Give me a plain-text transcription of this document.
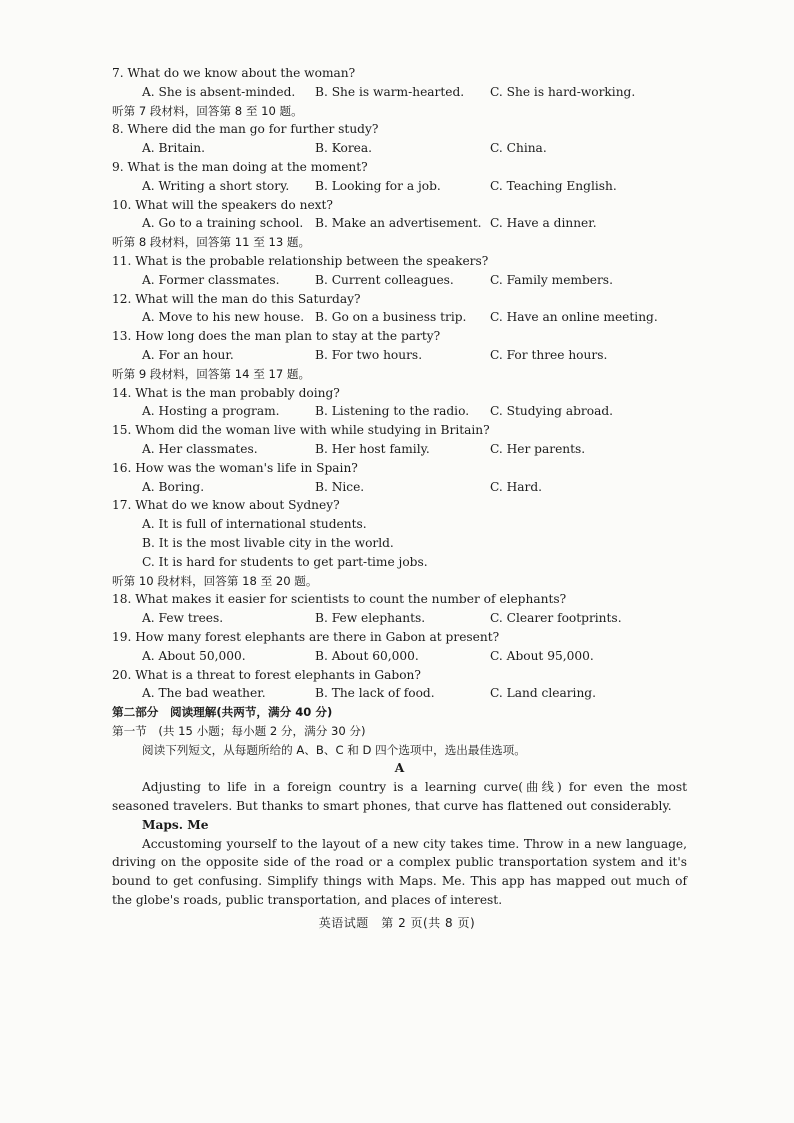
7. What do we know about the woman?
A. She is absent-minded. B. She is warm-hearted. C. She is hard-working.
听第 7 段材料，回答第 8 至 10 题。
8. Where did the man go for further study?
A. Britain.	B. Korea.	C. China.
9. What is the man doing at the moment?
A. Writing a short story. B. Looking for a job.	C. Teaching English.
10. What will the speakers do next?
A. Go to a training school. B. Make an advertisement. C. Have a dinner.
听第 8 段材料，回答第 11 至 13 题。
11. What is the probable relationship between the speakers?
A. Former classmates.	B. Current colleagues.	C. Family members.
12. What will the man do this Saturday?
A. Move to his new house. B. Go on a business trip. C. Have an online meeting.
13. How long does the man plan to stay at the party?
A. For an hour.	B. For two hours.	C. For three hours.
听第 9 段材料，回答第 14 至 17 题。
14. What is the man probably doing?
A. Hosting a program.	B. Listening to the radio. C. Studying abroad.
15. Whom did the woman live with while studying in Britain?
A. Her classmates.	B. Her host family.	C. Her parents.
16. How was the woman's life in Spain?
A. Boring.	B. Nice.	C. Hard.
17. What do we know about Sydney?
A. It is full of international students.
B. It is the most livable city in the world.
C. It is hard for students to get part-time jobs.
听第 10 段材料，回答第 18 至 20 题。
18. What makes it easier for scientists to count the number of elephants?
A. Few trees.	B. Few elephants.	C. Clearer footprints.
19. How many forest elephants are there in Gabon at present?
A. About 50,000.	B. About 60,000.	C. About 95,000.
20. What is a threat to forest elephants in Gabon?
A. The bad weather.	B. The lack of food.	C. Land clearing.
第二部分　阅读理解(共两节，满分 40 分)
第一节　(共 15 小题；每小题 2 分，满分 30 分)
阅读下列短文，从每题所给的 A、B、C 和 D 四个选项中，选出最佳选项。
A
Adjusting to life in a foreign country is a learning curve(曲线) for even the most seasoned travelers. But thanks to smart phones, that curve has flattened out considerably.
Maps. Me
Accustoming yourself to the layout of a new city takes time. Throw in a new language, driving on the opposite side of the road or a complex public transportation system and it's bound to get confusing. Simplify things with Maps. Me. This app has mapped out much of the globe's roads, public transportation, and places of interest.
英语试题　第 2 页(共 8 页)
